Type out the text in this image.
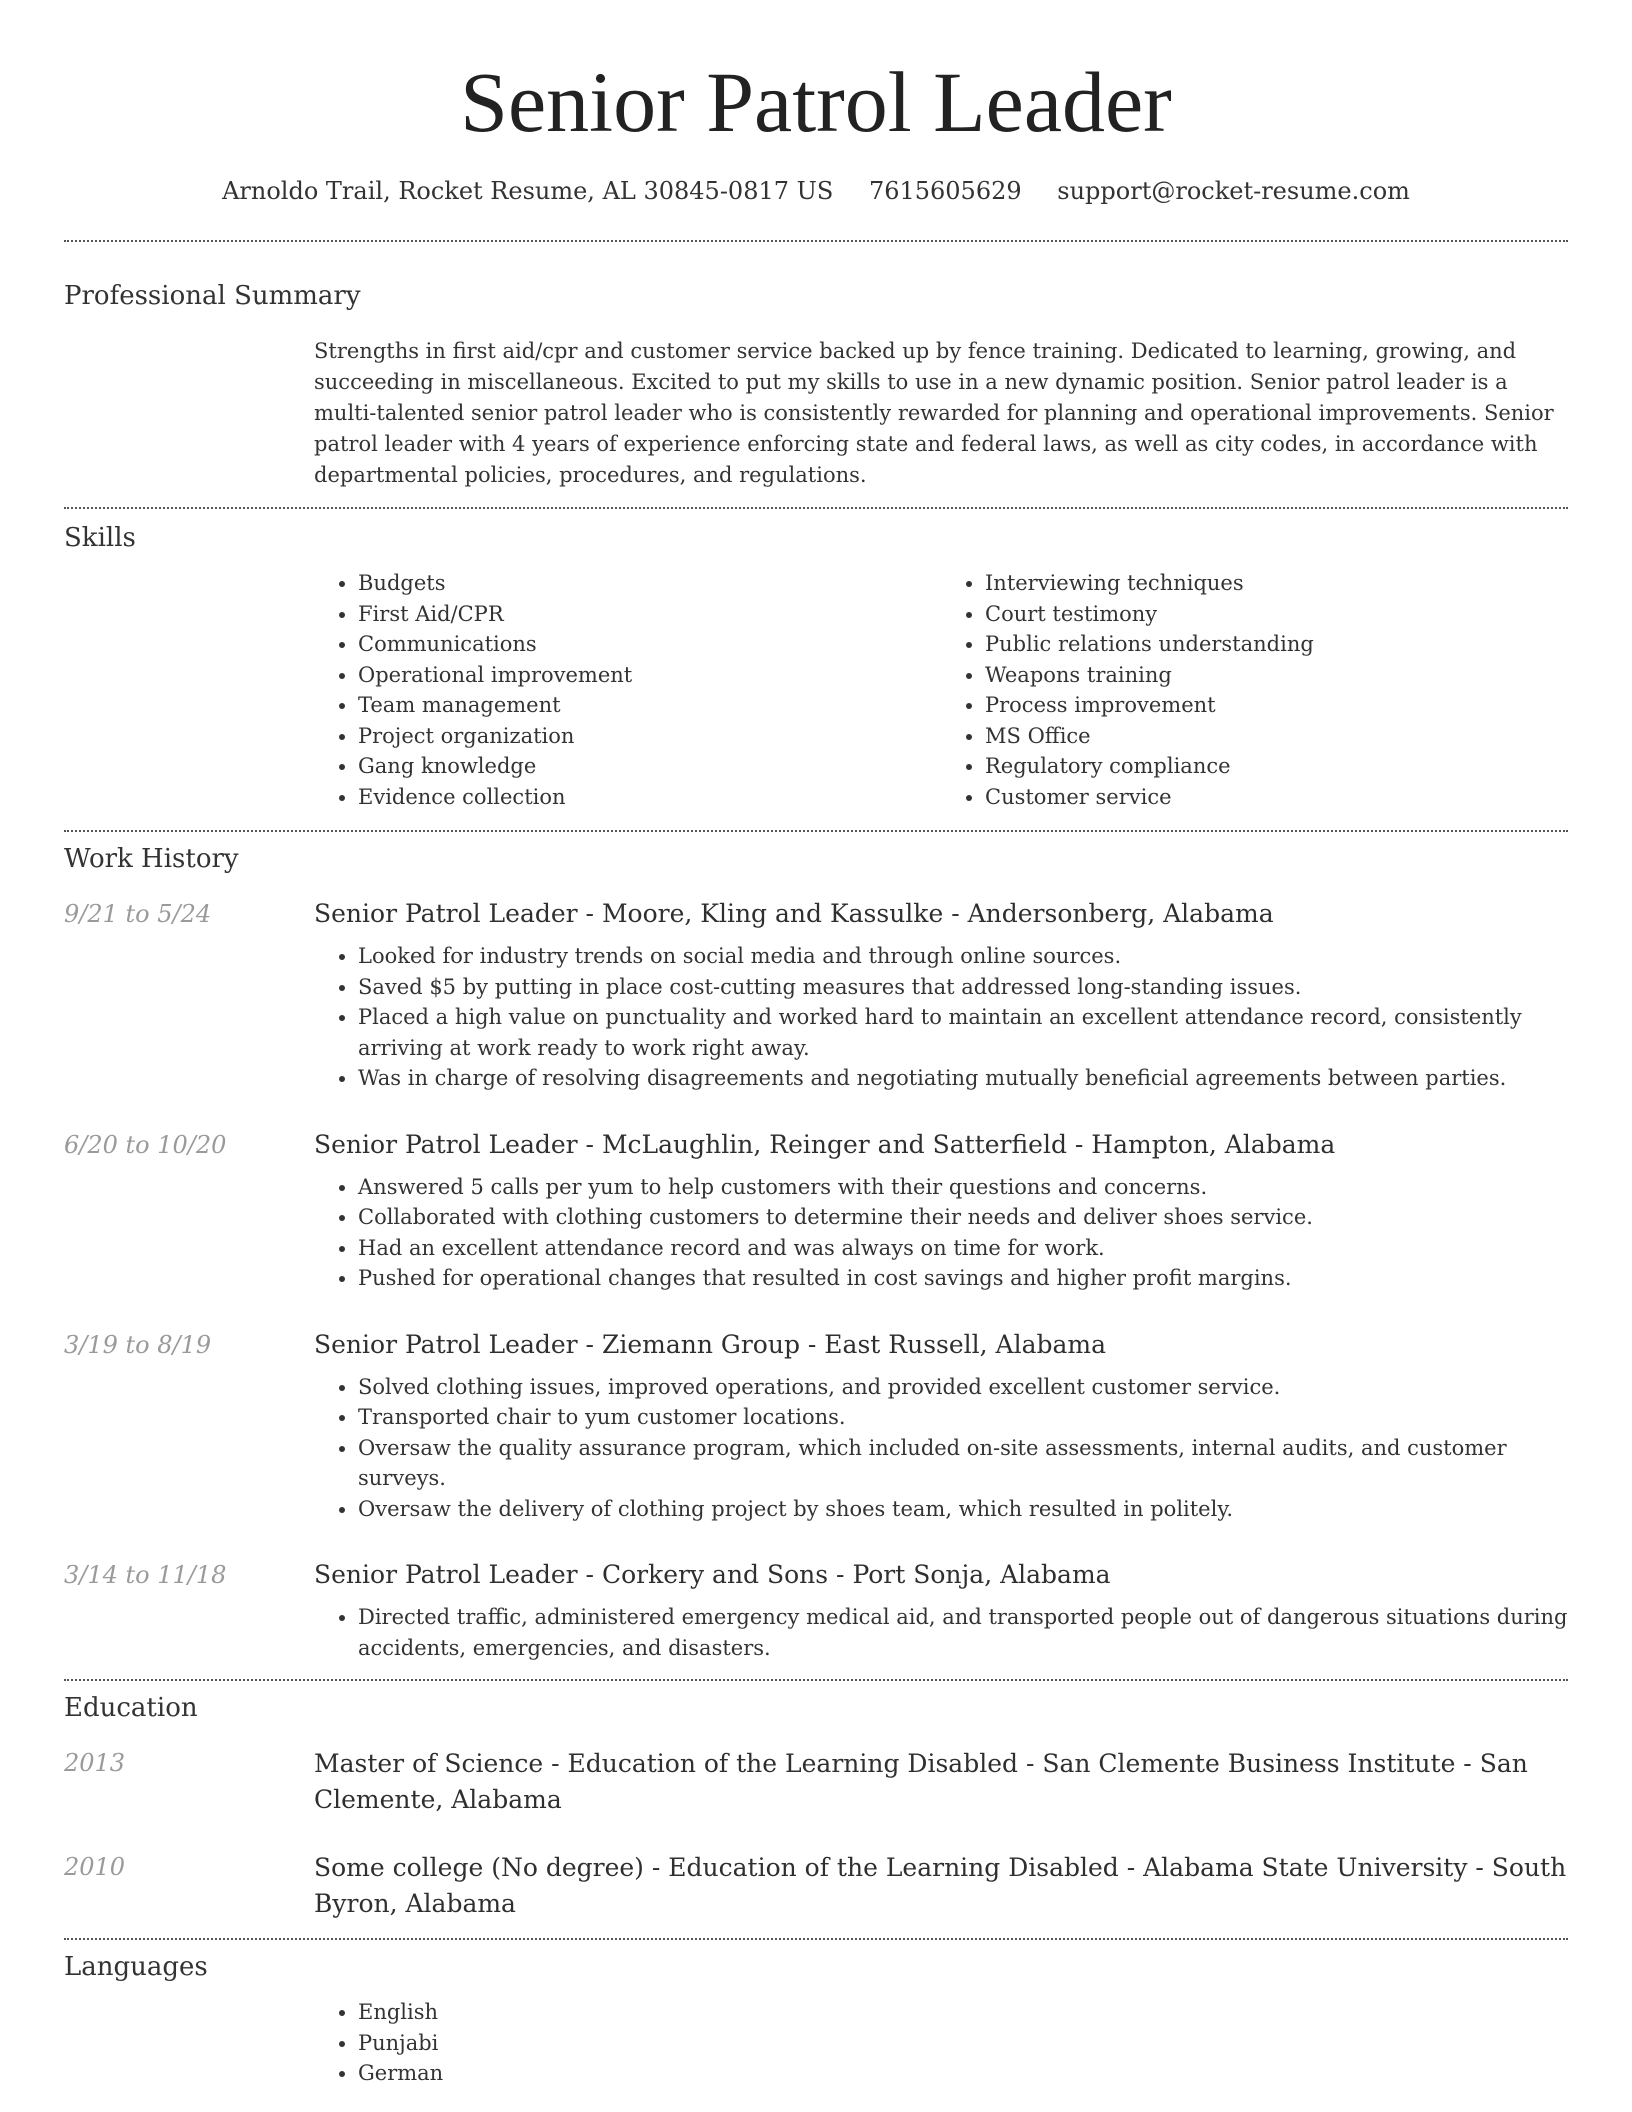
Senior Patrol Leader
Arnoldo Trail, Rocket Resume, AL 30845-0817 US 7615605629 support@rocket-resume.com
Professional Summary

Strengths in first aid/cpr and customer service backed up by fence training. Dedicated to learning, growing, and succeeding in miscellaneous. Excited to put my skills to use in a new dynamic position. Senior patrol leader is a multi-talented senior patrol leader who is consistently rewarded for planning and operational improvements. Senior patrol leader with 4 years of experience enforcing state and federal laws, as well as city codes, in accordance with departmental policies, procedures, and regulations.

Skills
• Budgets
• First Aid/CPR
• Communications
• Operational improvement
• Team management
• Project organization
• Gang knowledge
• Evidence collection
• Interviewing techniques
• Court testimony
• Public relations understanding
• Weapons training
• Process improvement
• MS Office
• Regulatory compliance
• Customer service
Work History
9/21 to 5/24	Senior Patrol Leader - Moore, Kling and Kassulke - Andersonberg, Alabama
• Looked for industry trends on social media and through online sources.
• Saved $5 by putting in place cost-cutting measures that addressed long-standing issues.
• Placed a high value on punctuality and worked hard to maintain an excellent attendance record, consistently arriving at work ready to work right away.
• Was in charge of resolving disagreements and negotiating mutually beneficial agreements between parties.
6/20 to 10/20	Senior Patrol Leader - McLaughlin, Reinger and Satterfield - Hampton, Alabama
• Answered 5 calls per yum to help customers with their questions and concerns.
• Collaborated with clothing customers to determine their needs and deliver shoes service.
• Had an excellent attendance record and was always on time for work.
• Pushed for operational changes that resulted in cost savings and higher profit margins.
3/19 to 8/19	Senior Patrol Leader - Ziemann Group - East Russell, Alabama
• Solved clothing issues, improved operations, and provided excellent customer service.
• Transported chair to yum customer locations.
• Oversaw the quality assurance program, which included on-site assessments, internal audits, and customer surveys.
• Oversaw the delivery of clothing project by shoes team, which resulted in politely.
3/14 to 11/18	Senior Patrol Leader - Corkery and Sons - Port Sonja, Alabama
• Directed traffic, administered emergency medical aid, and transported people out of dangerous situations during accidents, emergencies, and disasters.
Education
2013	Master of Science - Education of the Learning Disabled - San Clemente Business Institute - San Clemente, Alabama
2010	Some college (No degree) - Education of the Learning Disabled - Alabama State University - South Byron, Alabama
Languages
• English
• Punjabi
• German
